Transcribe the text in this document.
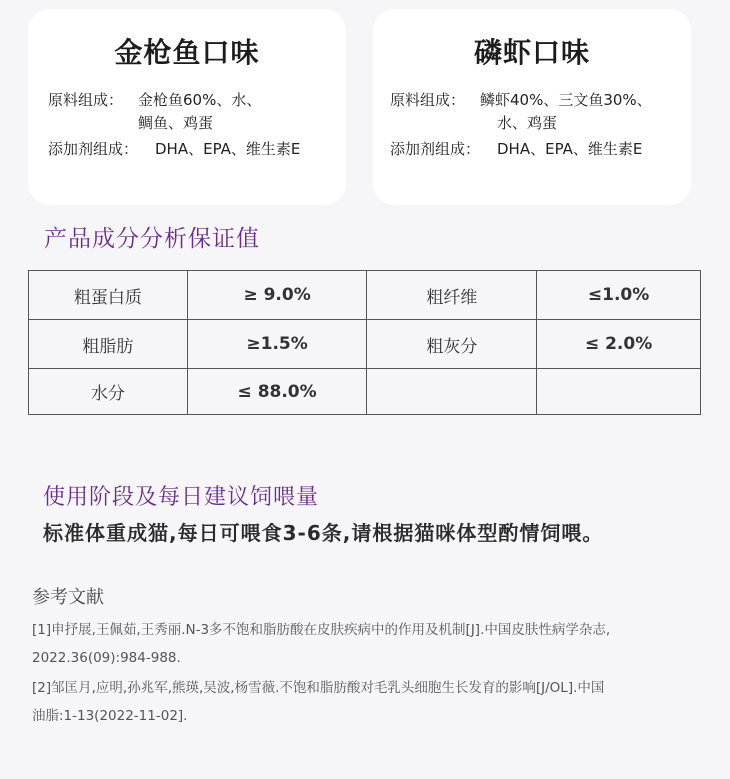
金枪鱼口味
原料组成： 金枪鱼60%、水、
鲷鱼、鸡蛋
添加剂组成： DHA、EPA、维生素E
磷虾口味
原料组成： 鳞虾40%、三文鱼30%、
水、鸡蛋
添加剂组成： DHA、EPA、维生素E
产品成分分析保证值
粗蛋白质	≥ 9.0%	粗纤维	≤1.0%
粗脂肪	≥1.5%	粗灰分	≤ 2.0%
水分	≤ 88.0%		
使用阶段及每日建议饲喂量
标准体重成猫,每日可喂食3-6条,请根据猫咪体型酌情饲喂。
参考文献
[1]申抒展,王佩茹,王秀丽.N-3多不饱和脂肪酸在皮肤疾病中的作用及机制[J].中国皮肤性病学杂志,
2022.36(09):984-988.
[2]邹匡月,应明,孙兆军,熊瑛,吴波,杨雪薇.不饱和脂肪酸对毛乳头细胞生长发育的影响[J/OL].中国
油脂:1-13(2022-11-02].
